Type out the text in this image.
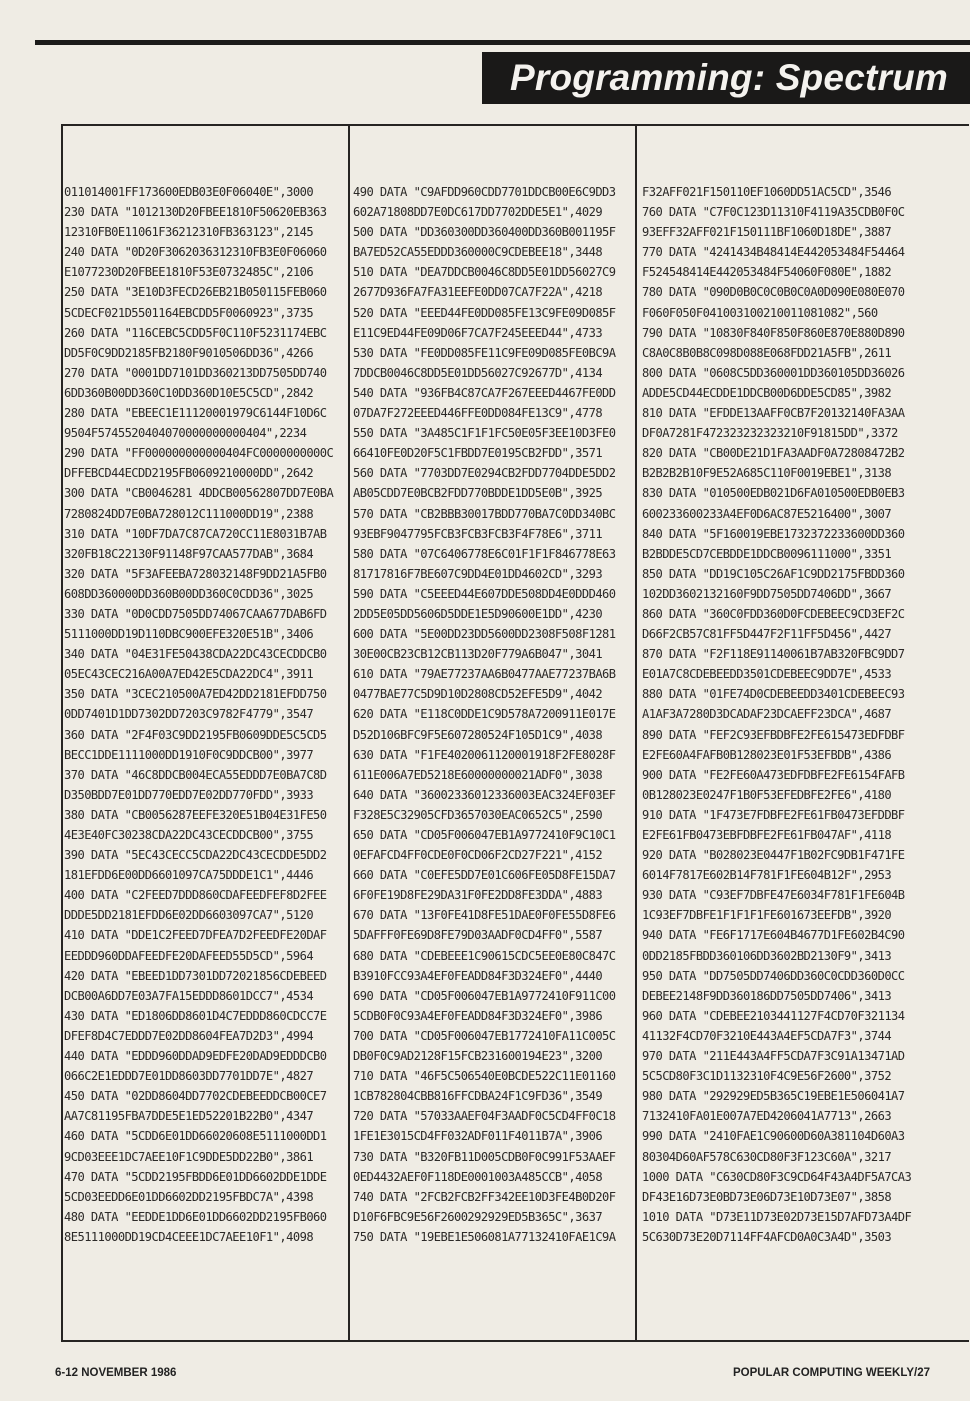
Programming: Spectrum
011014001FF173600EDB03E0F06040E",3000
230 DATA "1012130D20FBEE1810F50620EB363
12310FB0E11061F36212310FB363123",2145
240 DATA "0D20F3062036312310FB3E0F06060
E1077230D20FBEE1810F53E0732485C",2106
250 DATA "3E10D3FECD26EB21B050115FEB060
5CDECF021D5501164EBCDD5F0060923",3735
260 DATA "116CEBC5CDD5F0C110F5231174EBC
DD5F0C9DD2185FB2180F9010506DD36",4266
270 DATA "0001DD7101DD360213DD7505DD740
6DD360B00DD360C10DD360D10E5C5CD",2842
280 DATA "EBEEC1E11120001979C6144F10D6C
9504F5745520404070000000000404",2234
290 DATA "FF000000000000404FC0000000000C
DFFEBCD44ECDD2195FB0609210000DD",2642
300 DATA "CB0046281 4DDCB00562807DD7E0BA
7280824DD7E0BA728012C111000DD19",2388
310 DATA "10DF7DA7C87CA720CC11E8031B7AB
320FB18C22130F91148F97CAA577DAB",3684
320 DATA "5F3AFEEBA728032148F9DD21A5FB0
608DD360000DD360B00DD360C0CDD36",3025
330 DATA "0D0CDD7505DD74067CAA677DAB6FD
5111000DD19D110DBC900EFE320E51B",3406
340 DATA "04E31FE50438CDA22DC43CECDDCB0
05EC43CEC216A00A7ED42E5CDA22DC4",3911
350 DATA "3CEC210500A7ED42DD2181EFDD750
0DD7401D1DD7302DD7203C9782F4779",3547
360 DATA "2F4F03C9DD2195FB0609DDE5C5CD5
BECC1DDE1111000DD1910F0C9DDCB00",3977
370 DATA "46C8DDCB004ECA55EDDD7E0BA7C8D
D350BDD7E01DD770EDD7E02DD770FDD",3933
380 DATA "CB0056287EEFE320E51B04E31FE50
4E3E40FC30238CDA22DC43CECDDCB00",3755
390 DATA "5EC43CECC5CDA22DC43CECDDE5DD2
181EFDD6E00DD6601097CA75DDDE1C1",4446
400 DATA "C2FEED7DDD860CDAFEEDFEF8D2FEE
DDDE5DD2181EFDD6E02DD6603097CA7",5120
410 DATA "DDE1C2FEED7DFEA7D2FEEDFE20DAF
EEDDD960DDAFEEDFE20DAFEED55D5CD",5964
420 DATA "EBEED1DD7301DD72021856CDEBEED
DCB00A6DD7E03A7FA15EDDD8601DCC7",4534
430 DATA "ED1806DD8601D4C7EDDD860CDCC7E
DFEF8D4C7EDDD7E02DD8604FEA7D2D3",4994
440 DATA "EDDD960DDAD9EDFE20DAD9EDDDCB0
066C2E1EDDD7E01DD8603DD7701DD7E",4827
450 DATA "02DD8604DD7702CDEBEEDDCB00CE7
AA7C81195FBA7DDE5E1ED52201B22B0",4347
460 DATA "5CDD6E01DD66020608E5111000DD1
9CD03EEE1DC7AEE10F1C9DDE5DD22B0",3861
470 DATA "5CDD2195FBDD6E01DD6602DDE1DDE
5CD03EEDD6E01DD6602DD2195FBDC7A",4398
480 DATA "EEDDE1DD6E01DD6602DD2195FB060
8E5111000DD19CD4CEEE1DC7AEE10F1",4098
490 DATA "C9AFDD960CDD7701DDCB00E6C9DD3
602A71808DD7E0DC617DD7702DDE5E1",4029
500 DATA "DD360300DD360400DD360B001195F
BA7ED52CA55EDDD360000C9CDEBEE18",3448
510 DATA "DEA7DDCB0046C8DD5E01DD56027C9
2677D936FA7FA31EEFE0DD07CA7F22A",4218
520 DATA "EEED44FE0DD085FE13C9FE09D085F
E11C9ED44FE09D06F7CA7F245EEED44",4733
530 DATA "FE0DD085FE11C9FE09D085FE0BC9A
7DDCB0046C8DD5E01DD56027C92677D",4134
540 DATA "936FB4C87CA7F267EEED4467FE0DD
07DA7F272EEED446FFE0DD084FE13C9",4778
550 DATA "3A485C1F1F1FC50E05F3EE10D3FE0
66410FE0D20F5C1FBDD7E0195CB2FDD",3571
560 DATA "7703DD7E0294CB2FDD7704DDE5DD2
AB05CDD7E0BCB2FDD770BDDE1DD5E0B",3925
570 DATA "CB2BBB30017BDD770BA7C0DD340BC
93EBF9047795FCB3FCB3FCB3F4F78E6",3711
580 DATA "07C6406778E6C01F1F1F846778E63
81717816F7BE607C9DD4E01DD4602CD",3293
590 DATA "C5EEED44E607DDE508DD4E0DDD460
2DD5E05DD5606D5DDE1E5D90600E1DD",4230
600 DATA "5E00DD23DD5600DD2308F508F1281
30E00CB23CB12CB113D20F779A6B047",3041
610 DATA "79AE77237AA6B0477AAE77237BA6B
0477BAE77C5D9D10D2808CD52EFE5D9",4042
620 DATA "E118C0DDE1C9D578A7200911E017E
D52D106BFC9F5E607280524F105D1C9",4038
630 DATA "F1FE4020061120001918F2FE8028F
611E006A7ED5218E60000000021ADF0",3038
640 DATA "36002336012336003EAC324EF03EF
F328E5C32905CFD3657030EAC0652C5",2590
650 DATA "CD05F006047EB1A9772410F9C10C1
0EFAFCD4FF0CDE0F0CD06F2CD27F221",4152
660 DATA "C0EFE5DD7E01C606FE05D8FE15DA7
6F0FE19D8FE29DA31F0FE2DD8FE3DDA",4883
670 DATA "13F0FE41D8FE51DAE0F0FE55D8FE6
5DAFFF0FE69D8FE79D03AADF0CD4FF0",5587
680 DATA "CDEBEEE1C90615CDC5EE0E80C847C
B3910FCC93A4EF0FEADD84F3D324EF0",4440
690 DATA "CD05F006047EB1A9772410F911C00
5CDB0F0C93A4EF0FEADD84F3D324EF0",3986
700 DATA "CD05F006047EB1772410FA11C005C
DB0F0C9AD2128F15FCB231600194E23",3200
710 DATA "46F5C506540E0BCDE522C11E01160
1CB782804CBB816FFCDBA24F1C9FD36",3549
720 DATA "57033AAEF04F3AADF0C5CD4FF0C18
1FE1E3015CD4FF032ADF011F4011B7A",3906
730 DATA "B320FB11D005CDB0F0C991F53AAEF
0ED4432AEF0F118DE0001003A485CCB",4058
740 DATA "2FCB2FCB2FF342EE10D3FE4B0D20F
D10F6FBC9E56F2600292929ED5B365C",3637
750 DATA "19EBE1E506081A77132410FAE1C9A
F32AFF021F150110EF1060DD51AC5CD",3546
760 DATA "C7F0C123D11310F4119A35CDB0F0C
93EFF32AFF021F150111BF1060D18DE",3887
770 DATA "4241434B48414E442053484F54464
F524548414E442053484F54060F080E",1882
780 DATA "090D0B0C0C0B0C0A0D090E080E070
F060F050F041003100210011081082",560
790 DATA "10830F840F850F860E870E880D890
C8A0C8B0B8C098D088E068FDD21A5FB",2611
800 DATA "0608C5DD360001DD360105DD36026
ADDE5CD44ECDDE1DDCB00D6DDE5CD85",3982
810 DATA "EFDDE13AAFF0CB7F20132140FA3AA
DF0A7281F472323232323210F91815DD",3372
820 DATA "CB00DE21D1FA3AADF0A72808472B2
B2B2B2B10F9E52A685C110F0019EBE1",3138
830 DATA "010500EDB021D6FA010500EDB0EB3
600233600233A4EF0D6AC87E5216400",3007
840 DATA "5F160019EBE1732372233600DD360
B2BDDE5CD7CEBDDE1DDCB0096111000",3351
850 DATA "DD19C105C26AF1C9DD2175FBDD360
102DD3602132160F9DD7505DD7406DD",3667
860 DATA "360C0FDD360D0FCDEBEEC9CD3EF2C
D66F2CB57C81FF5D447F2F11FF5D456",4427
870 DATA "F2F118E91140061B7AB320FBC9DD7
E01A7C8CDEBEEDD3501CDEBEEC9DD7E",4533
880 DATA "01FE74D0CDEBEEDD3401CDEBEEC93
A1AF3A7280D3DCADAF23DCAEFF23DCA",4687
890 DATA "FEF2C93EFBDBFE2FE615473EDFDBF
E2FE60A4FAFB0B128023E01F53EFBDB",4386
900 DATA "FE2FE60A473EDFDBFE2FE6154FAFB
0B128023E0247F1B0F53EFEDBFE2FE6",4180
910 DATA "1F473E7FDBFE2FE61FB0473EFDDBF
E2FE61FB0473EBFDBFE2FE61FB047AF",4118
920 DATA "B028023E0447F1B02FC9DB1F471FE
6014F7817E602B14F781F1FE604B12F",2953
930 DATA "C93EF7DBFE47E6034F781F1FE604B
1C93EF7DBFE1F1F1F1FE601673EEFDB",3920
940 DATA "FE6F1717E604B4677D1FE602B4C90
0DD2185FBDD360106DD3602BD2130F9",3413
950 DATA "DD7505DD7406DD360C0CDD360D0CC
DEBEE2148F9DD360186DD7505DD7406",3413
960 DATA "CDEBEE2103441127F4CD70F321134
41132F4CD70F3210E443A4EF5CDA7F3",3744
970 DATA "211E443A4FF5CDA7F3C91A13471AD
5C5CD80F3C1D1132310F4C9E56F2600",3752
980 DATA "292929ED5B365C19EBE1E506041A7
7132410FA01E007A7ED4206041A7713",2663
990 DATA "2410FAE1C90600D60A381104D60A3
80304D60AF578C630CD80F3F123C60A",3217
1000 DATA "C630CD80F3C9CD64F43A4DF5A7CA3
DF43E16D73E0BD73E06D73E10D73E07",3858
1010 DATA "D73E11D73E02D73E15D7AFD73A4DF
5C630D73E20D7114FF4AFCD0A0C3A4D",3503
6-12 NOVEMBER 1986	POPULAR COMPUTING WEEKLY/27
